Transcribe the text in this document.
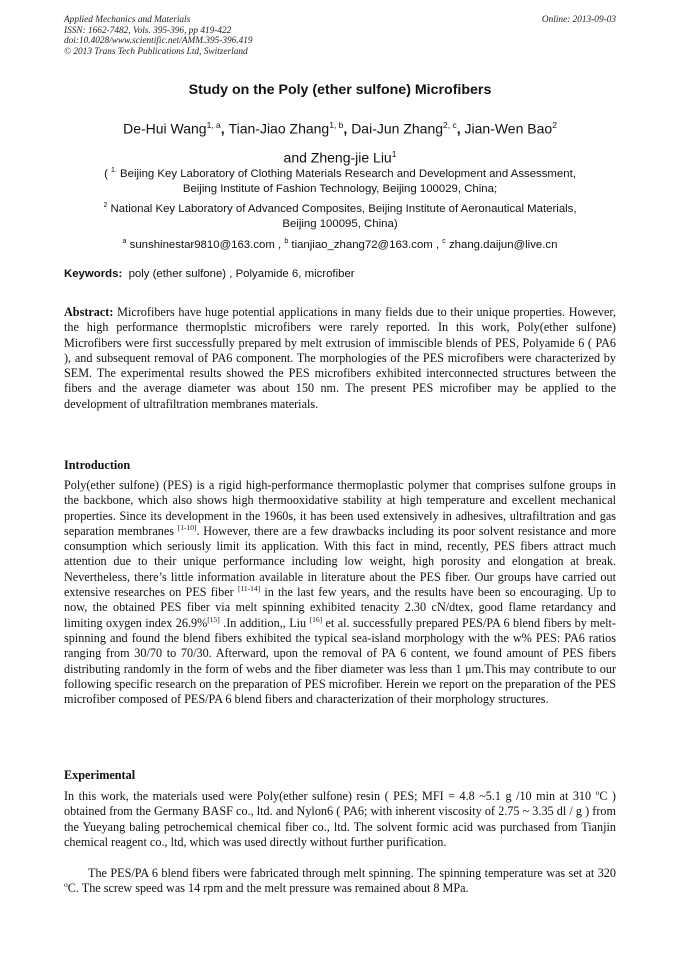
Applied Mechanics and Materials
ISSN: 1662-7482, Vols. 395-396, pp 419-422
doi:10.4028/www.scientific.net/AMM.395-396.419
© 2013 Trans Tech Publications Ltd, Switzerland
Online: 2013-09-03
Study on the Poly (ether sulfone) Microfibers
De-Hui Wang$^{1, a}$, Tian-Jiao Zhang$^{1, b}$, Dai-Jun Zhang$^{2, c}$, Jian-Wen Bao$^2$
and Zheng-jie Liu$^1$
( $^{1.}$ Beijing Key Laboratory of Clothing Materials Research and Development and Assessment,
Beijing Institute of Fashion Technology, Beijing 100029, China;
$^2$ National Key Laboratory of Advanced Composites, Beijing Institute of Aeronautical Materials,
Beijing 100095, China)
$^a$ sunshinestar9810@163.com , $^b$ tianjiao_zhang72@163.com , $^c$ zhang.daijun@live.cn
Keywords: poly (ether sulfone) , Polyamide 6, microfiber

Abstract: Microfibers have huge potential applications in many fields due to their unique properties. However, the high performance thermoplstic microfibers were rarely reported. In this work, Poly(ether sulfone) Microfibers were first successfully prepared by melt extrusion of immiscible blends of PES, Polyamide 6 ( PA6 ), and subsequent removal of PA6 component. The morphologies of the PES microfibers were characterized by SEM. The experimental results showed the PES microfibers exhibited interconnected structures between the fibers and the average diameter was about 150 nm. The present PES microfiber may be applied to the development of ultrafiltration membranes materials.

Introduction

Poly(ether sulfone) (PES) is a rigid high-performance thermoplastic polymer that comprises sulfone groups in the backbone, which also shows high thermooxidative stability at high temperature and excellent mechanical properties. Since its development in the 1960s, it has been used extensively in adhesives, ultrafiltration and gas separation membranes [1-10]. However, there are a few drawbacks including its poor solvent resistance and more consumption which seriously limit its application. With this fact in mind, recently, PES fibers attract much attention due to their unique performance including low weight, high porosity and elongation at break. Nevertheless, there’s little information available in literature about the PES fiber. Our groups have carried out extensive researches on PES fiber [11-14] in the last few years, and the results have been so encouraging. Up to now, the obtained PES fiber via melt spinning exhibited tenacity 2.30 cN/dtex, good flame retardancy and limiting oxygen index 26.9%[15] .In addition,, Liu [16] et al. successfully prepared PES/PA 6 blend fibers by melt-spinning and found the blend fibers exhibited the typical sea-island morphology with the w% PES: PA6 ratios ranging from 30/70 to 70/30. Afterward, upon the removal of PA 6 content, we found amount of PES fibers distributing randomly in the form of webs and the fiber diameter was less than 1 μm.This may contribute to our following specific research on the preparation of PES microfiber. Herein we report on the preparation of the PES microfiber composed of PES/PA 6 blend fibers and characterization of their morphology structures.

Experimental

In this work, the materials used were Poly(ether sulfone) resin ( PES; MFI = 4.8 ~5.1 g /10 min at 310 $^o$C ) obtained from the Germany BASF co., ltd. and Nylon6 ( PA6; with inherent viscosity of 2.75 ~ 3.35 dl / g ) from the Yueyang baling petrochemical chemical fiber co., ltd. The solvent formic acid was purchased from Tianjin chemical reagent co., ltd, which was used directly without further purification.

The PES/PA 6 blend fibers were fabricated through melt spinning. The spinning temperature was set at 320 $^o$C. The screw speed was 14 rpm and the melt pressure was remained about 8 MPa.
